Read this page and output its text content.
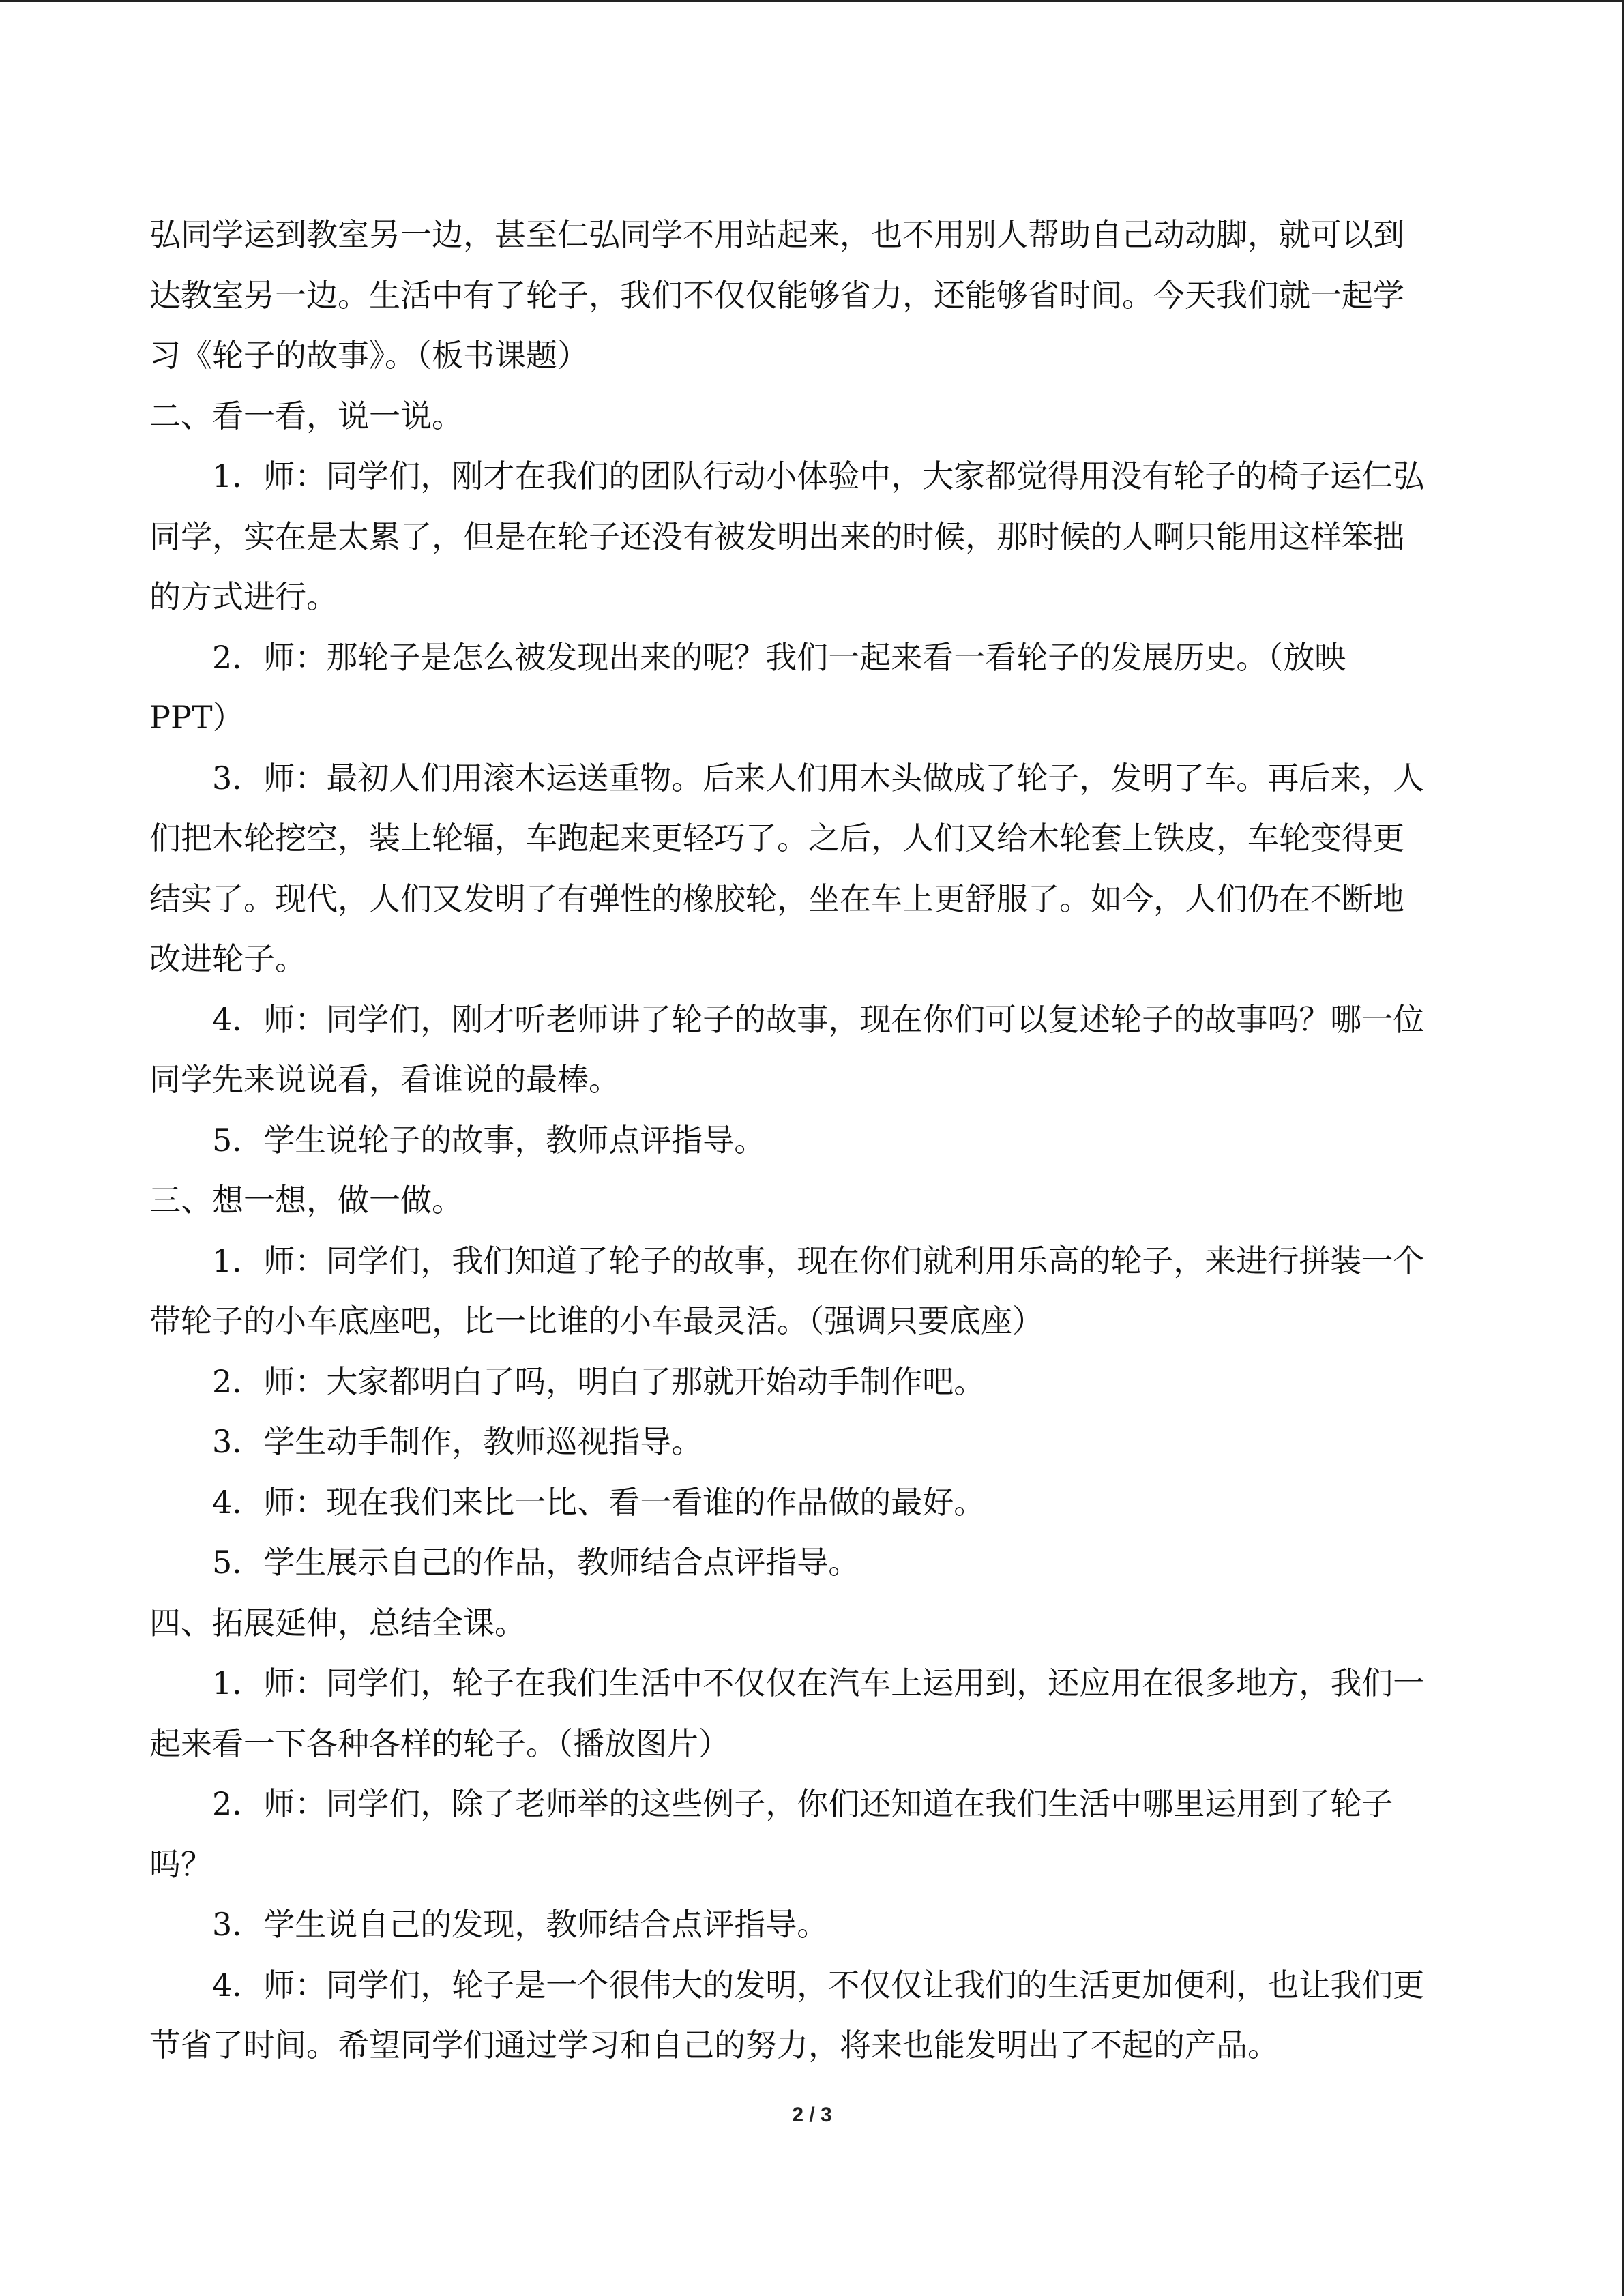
弘同学运到教室另一边，甚至仁弘同学不用站起来，也不用别人帮助自己动动脚，就可以到
达教室另一边。生活中有了轮子，我们不仅仅能够省力，还能够省时间。今天我们就一起学
习《轮子的故事》。（板书课题）
二、看一看，说一说。
1．师：同学们，刚才在我们的团队行动小体验中，大家都觉得用没有轮子的椅子运仁弘
同学，实在是太累了，但是在轮子还没有被发明出来的时候，那时候的人啊只能用这样笨拙
的方式进行。
2．师：那轮子是怎么被发现出来的呢？我们一起来看一看轮子的发展历史。（放映
PPT）
3．师：最初人们用滚木运送重物。后来人们用木头做成了轮子，发明了车。再后来，人
们把木轮挖空，装上轮辐，车跑起来更轻巧了。之后，人们又给木轮套上铁皮，车轮变得更
结实了。现代，人们又发明了有弹性的橡胶轮，坐在车上更舒服了。如今，人们仍在不断地
改进轮子。
4．师：同学们，刚才听老师讲了轮子的故事，现在你们可以复述轮子的故事吗？哪一位
同学先来说说看，看谁说的最棒。
5．学生说轮子的故事，教师点评指导。
三、想一想，做一做。
1．师：同学们，我们知道了轮子的故事，现在你们就利用乐高的轮子，来进行拼装一个
带轮子的小车底座吧，比一比谁的小车最灵活。（强调只要底座）
2．师：大家都明白了吗，明白了那就开始动手制作吧。
3．学生动手制作，教师巡视指导。
4．师：现在我们来比一比、看一看谁的作品做的最好。
5．学生展示自己的作品，教师结合点评指导。
四、拓展延伸，总结全课。
1．师：同学们，轮子在我们生活中不仅仅在汽车上运用到，还应用在很多地方，我们一
起来看一下各种各样的轮子。（播放图片）
2．师：同学们，除了老师举的这些例子，你们还知道在我们生活中哪里运用到了轮子
吗？
3．学生说自己的发现，教师结合点评指导。
4．师：同学们，轮子是一个很伟大的发明，不仅仅让我们的生活更加便利，也让我们更
节省了时间。希望同学们通过学习和自己的努力，将来也能发明出了不起的产品。
2 / 3
